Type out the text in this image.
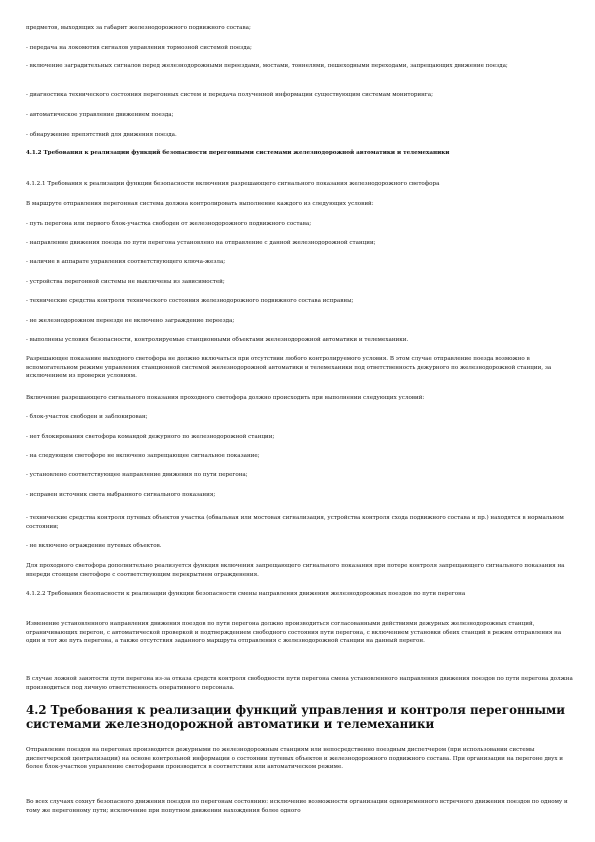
предметов, выходящих за габарит железнодорожного подвижного состава;

- передача на локомотив сигналов управления тормозной системой поезда;

- включение заградительных сигналов перед железнодорожными переездами, мостами, тоннелями, пешеходными переходами, запрещающих движение поезда;

- диагностика технического состояния перегонных систем и передача полученной информации существующим системам мониторинга;

- автоматическое управление движением поезда;

- обнаружение препятствий для движения поезда.

4.1.2 Требования к реализации функций безопасности перегонными системами железнодорожной автоматики и телемеханики

4.1.2.1 Требования к реализации функции безопасности включения разрешающего сигнального показания железнодорожного светофора

В маршруте отправления перегонная система должна контролировать выполнение каждого из следующих условий:

- путь перегона или первого блок-участка свободен от железнодорожного подвижного состава;

- направление движения поезда по пути перегона установлено на отправление с данной железнодорожной станции;

- наличие в аппарате управления соответствующего ключа-жезла;

- устройства перегонной системы не выключены из зависимостей;

- технические средства контроля технического состояния железнодорожного подвижного состава исправны;

- не железнодорожном переезде не включено заграждение переезда;

- выполнены условия безопасности, контролируемые станционными объектами железнодорожной автоматики и телемеханики.

Разрешающее показание выходного светофора не должно включаться при отсутствии любого контролируемого условия. В этом случае отправление поезда возможно в вспомогательном режиме управления станционной системой железнодорожной автоматики и телемеханики под ответственность дежурного по железнодорожной станции, за исключением из проверки условиям.

Включение разрешающего сигнального показания проходного светофора должно происходить при выполнении следующих условий:

- блок-участок свободен и заблокирован;

- нет блокирования светофора командой дежурного по железнодорожной станции;

- на следующем светофоре не включено запрещающее сигнальное показание;

- установлено соответствующее направление движения по пути перегона;

- исправен источник света выбранного сигнального показания;

- технические средства контроля путевых объектов участка (обвальная или мостовая сигнализация, устройства контроля схода подвижного состава и пр.) находятся в нормальном состоянии;

- не включено ограждение путевых объектов.

Для проходного светофора дополнительно реализуется функция включения запрещающего сигнального показания при потере контроля запрещающего сигнального показания на впереди стоящем светофоре с соответствующим перекрытием огражденения.

4.1.2.2 Требования безопасности к реализации функции безопасности смены направления движения железнодорожных поездов по пути перегона

Изменение установленного направления движения поездов по пути перегона должно производиться согласованными действиями дежурных железнодорожных станций, ограничивающих перегон, с автоматической проверкой и подтверждением свободного состояния пути перегона, с включением установки обеих станций в режим отправления на один и тот же путь перегона, а также отсутствия заданного маршрута отправления с железнодорожной станции на данный перегон.

В случае ложной занятости пути перегона из-за отказа средств контроля свободности пути перегона смена установленного направления движения поездов по пути перегона должна производиться под личную ответственность оперативного персонала.

4.2 Требования к реализации функций управления и контроля перегонными системами железнодорожной автоматики и телемеханики

Отправление поездов на перегонах производится дежурными по железнодорожным станциям или непосредственно поездным диспетчером (при использовании системы диспетчерской централизации) на основе контрольной информации о состоянии путевых объектов и железнодорожного подвижного состава. При организации на перегоне двух и более блок-участков управление светофорами производится в соответствии или автоматическом режиме.

Во всех случаях сохнут безопасного движения поездов по перегонам состоянию: исключение возможности организации одновременного встречного движения поездов по одному и тому же перегонному пути; исключение при попутном движении нахождения более одного
